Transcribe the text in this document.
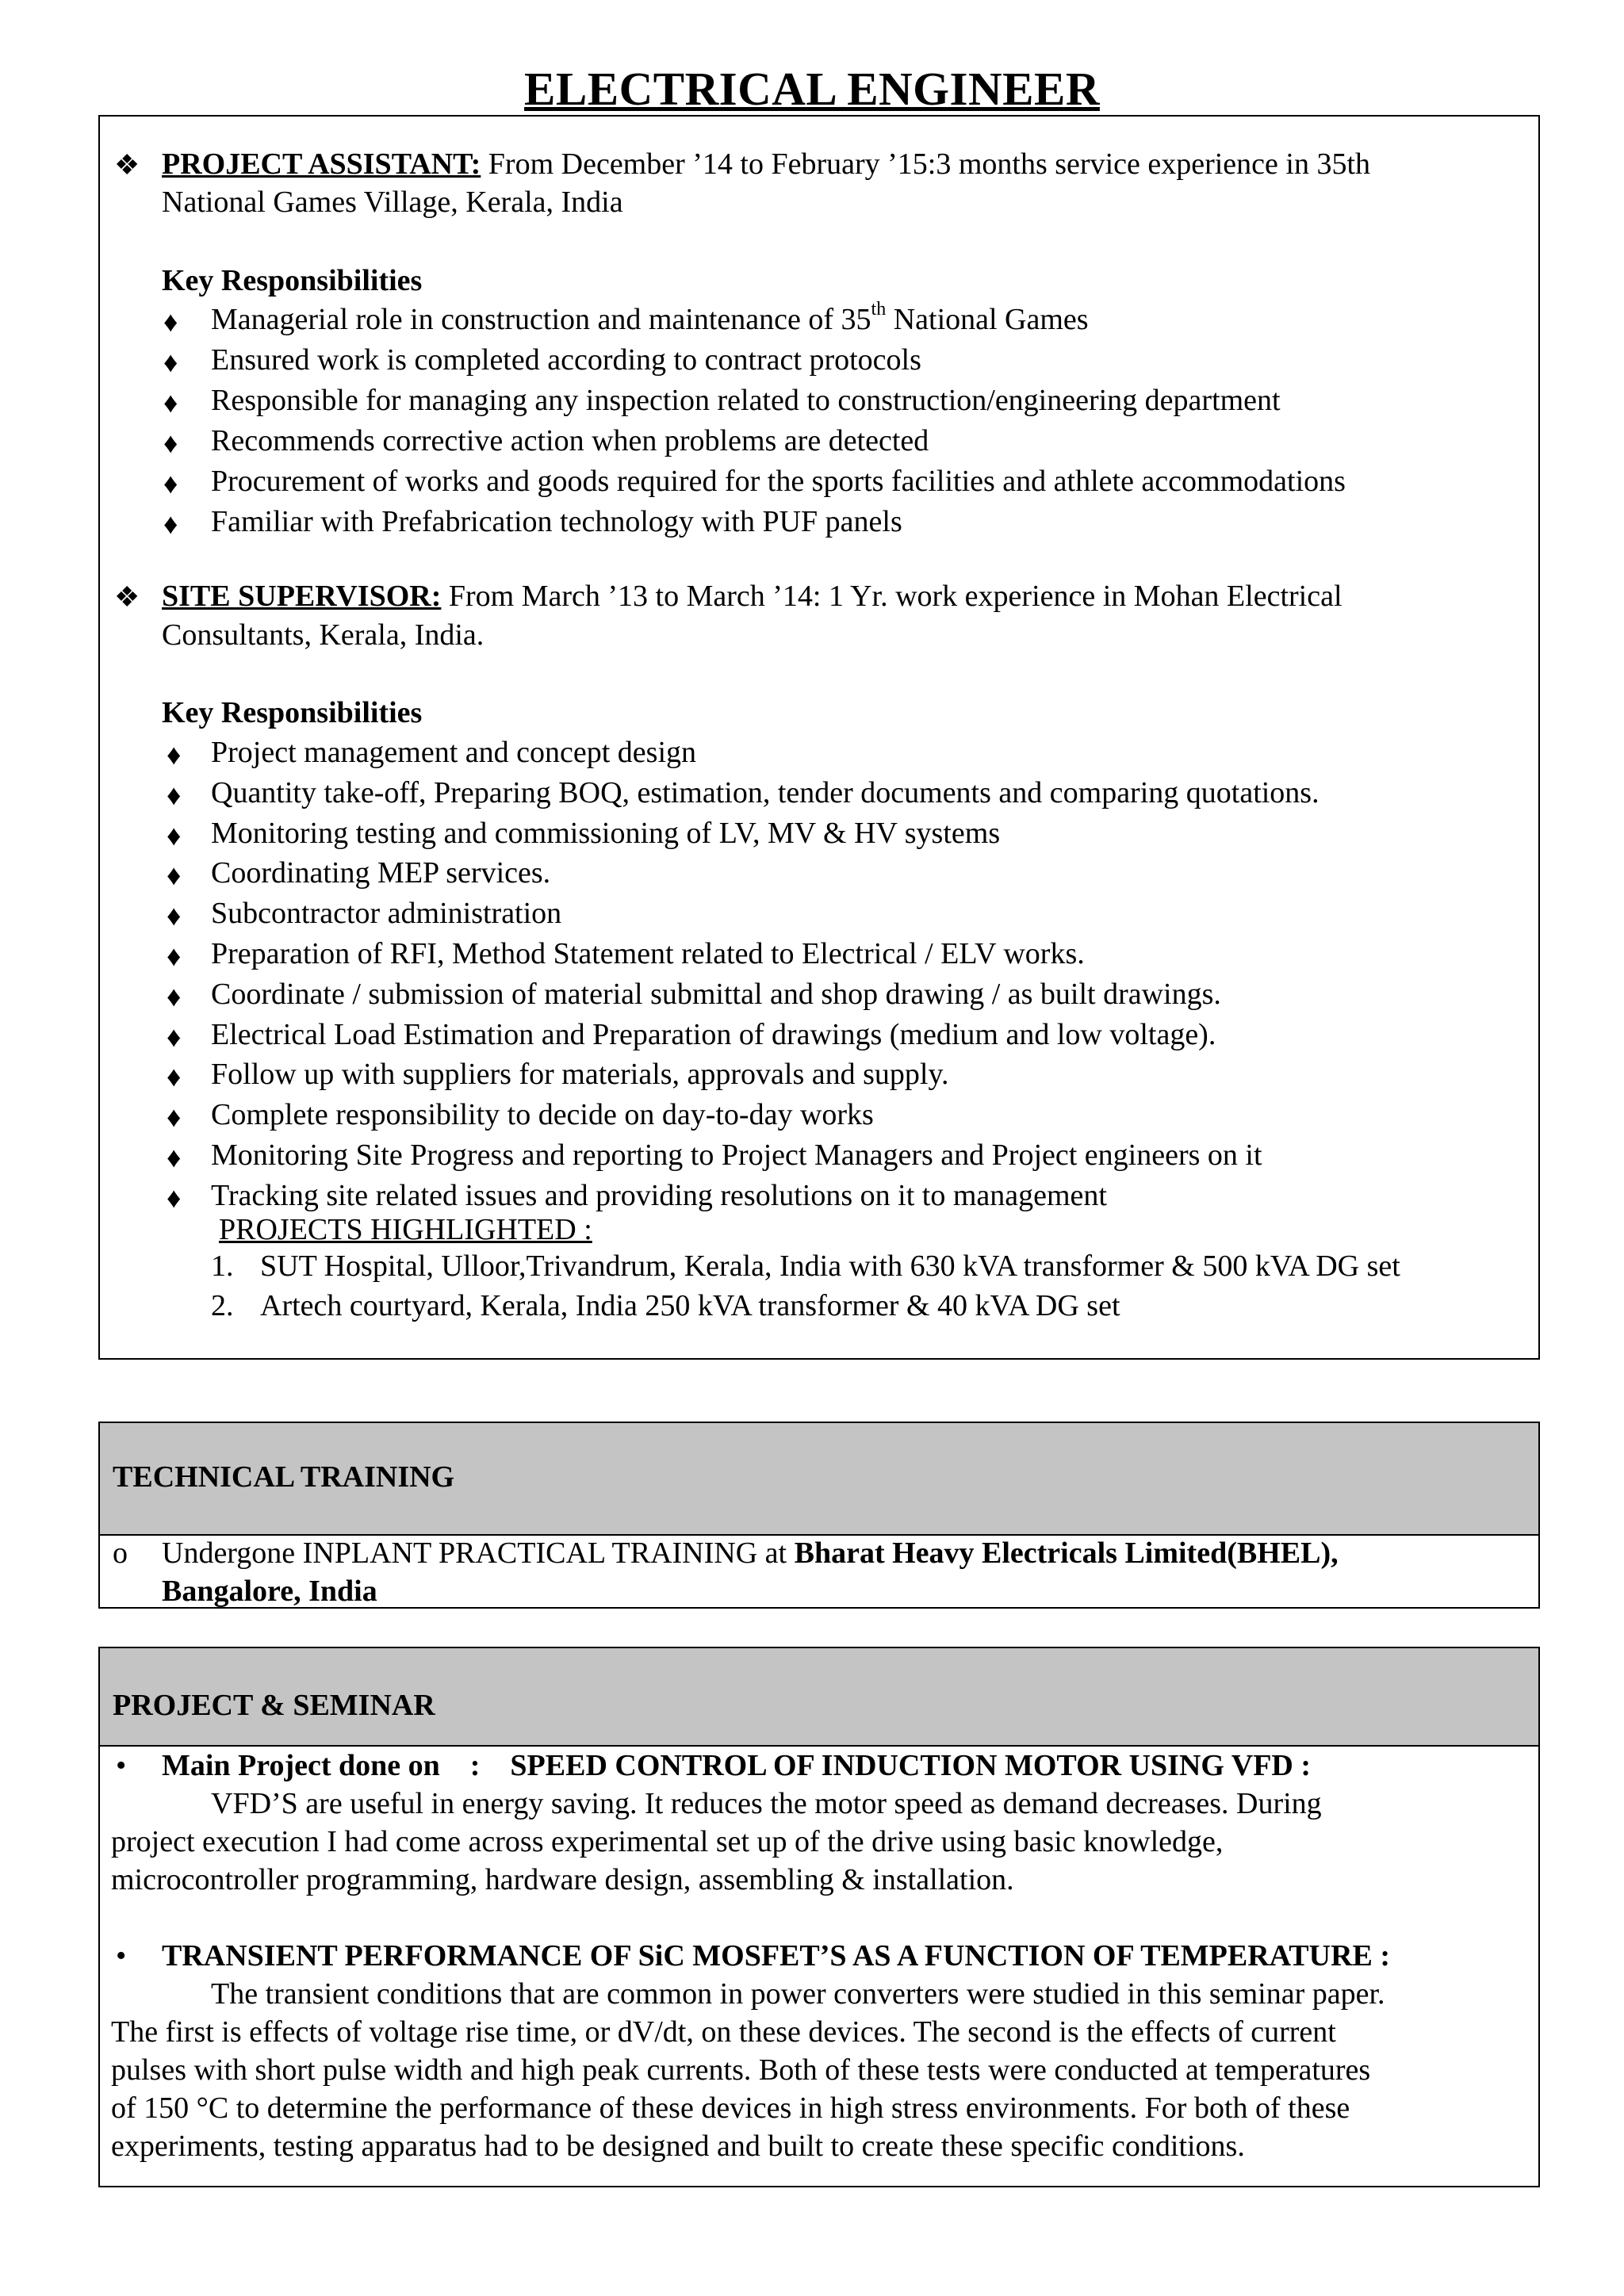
ELECTRICAL ENGINEER
❖ PROJECT ASSISTANT: From December ’14 to February ’15:3 months service experience in 35th
National Games Village, Kerala, India
Key Responsibilities
♦ Managerial role in construction and maintenance of 35th National Games
♦ Ensured work is completed according to contract protocols
♦ Responsible for managing any inspection related to construction/engineering department
♦ Recommends corrective action when problems are detected
♦ Procurement of works and goods required for the sports facilities and athlete accommodations
♦ Familiar with Prefabrication technology with PUF panels
❖ SITE SUPERVISOR: From March ’13 to March ’14: 1 Yr. work experience in Mohan Electrical
Consultants, Kerala, India.
Key Responsibilities
♦ Project management and concept design
♦ Quantity take-off, Preparing BOQ, estimation, tender documents and comparing quotations.
♦ Monitoring testing and commissioning of LV, MV & HV systems
♦ Coordinating MEP services.
♦ Subcontractor administration
♦ Preparation of RFI, Method Statement related to Electrical / ELV works.
♦ Coordinate / submission of material submittal and shop drawing / as built drawings.
♦ Electrical Load Estimation and Preparation of drawings (medium and low voltage).
♦ Follow up with suppliers for materials, approvals and supply.
♦ Complete responsibility to decide on day-to-day works
♦ Monitoring Site Progress and reporting to Project Managers and Project engineers on it
♦ Tracking site related issues and providing resolutions on it to management
PROJECTS HIGHLIGHTED :
1. SUT Hospital, Ulloor,Trivandrum, Kerala, India with 630 kVA transformer & 500 kVA DG set
2. Artech courtyard, Kerala, India 250 kVA transformer & 40 kVA DG set
TECHNICAL TRAINING
o Undergone INPLANT PRACTICAL TRAINING at Bharat Heavy Electricals Limited(BHEL),
Bangalore, India
PROJECT & SEMINAR
• Main Project done on    : SPEED CONTROL OF INDUCTION MOTOR USING VFD :
VFD’S are useful in energy saving. It reduces the motor speed as demand decreases. During
project execution I had come across experimental set up of the drive using basic knowledge,
microcontroller programming, hardware design, assembling & installation.
• TRANSIENT PERFORMANCE OF SiC MOSFET’S AS A FUNCTION OF TEMPERATURE :
The transient conditions that are common in power converters were studied in this seminar paper.
The first is effects of voltage rise time, or dV/dt, on these devices. The second is the effects of current
pulses with short pulse width and high peak currents. Both of these tests were conducted at temperatures
of 150 °C to determine the performance of these devices in high stress environments. For both of these
experiments, testing apparatus had to be designed and built to create these specific conditions.
